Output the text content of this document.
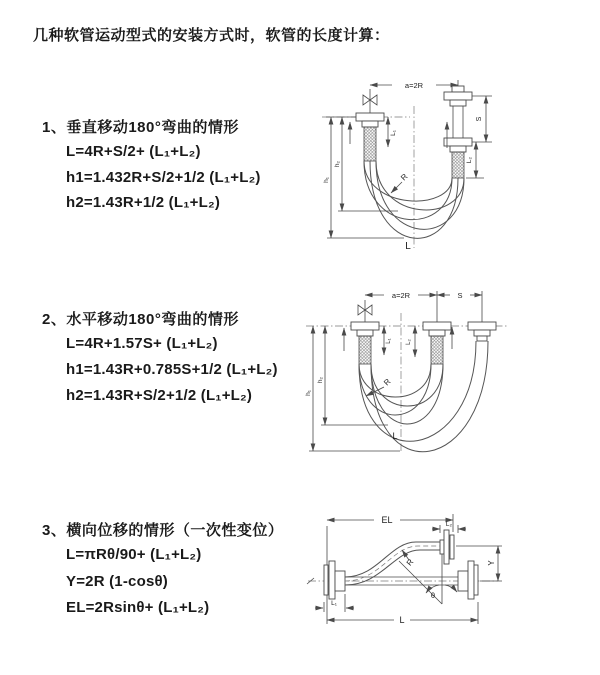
几种软管运动型式的安装方式时，软管的长度计算：
1、垂直移动180°弯曲的情形
L=4R+S/2+ (L₁+L₂)
h1=1.432R+S/2+1/2 (L₁+L₂)
h2=1.43R+1/2 (L₁+L₂)
2、水平移动180°弯曲的情形
L=4R+1.57S+ (L₁+L₂)
h1=1.43R+0.785S+1/2 (L₁+L₂)
h2=1.43R+S/2+1/2 (L₁+L₂)
3、横向位移的情形（一次性变位）
L=πRθ/90+ (L₁+L₂)
Y=2R (1-cosθ)
EL=2Rsinθ+ (L₁+L₂)
a=2R
L₁
S
L₂
R
h₁
h₂
L
a=2R	S
L₁ L₂
R
h₁
h₂
L
EL	L₂
R
θ
Y
L₁
L
